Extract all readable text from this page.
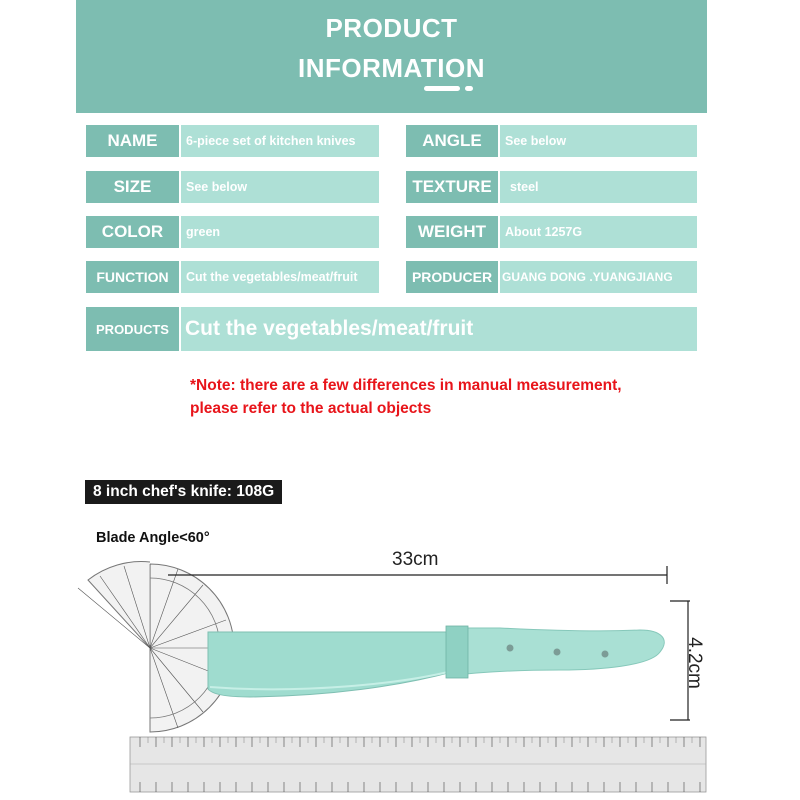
PRODUCT
INFORMATION
NAME	6-piece set of kitchen knives
SIZE	See below
COLOR	green
FUNCTION	Cut the vegetables/meat/fruit
ANGLE	See below
TEXTURE	steel
WEIGHT	About 1257G
PRODUCER GUANG DONG .YUANGJIANG
PRODUCTS Cut the vegetables/meat/fruit
*Note: there are a few differences in manual measurement, please refer to the actual objects
8 inch chef's knife: 108G
Blade Angle<60°
33cm
4.2cm
